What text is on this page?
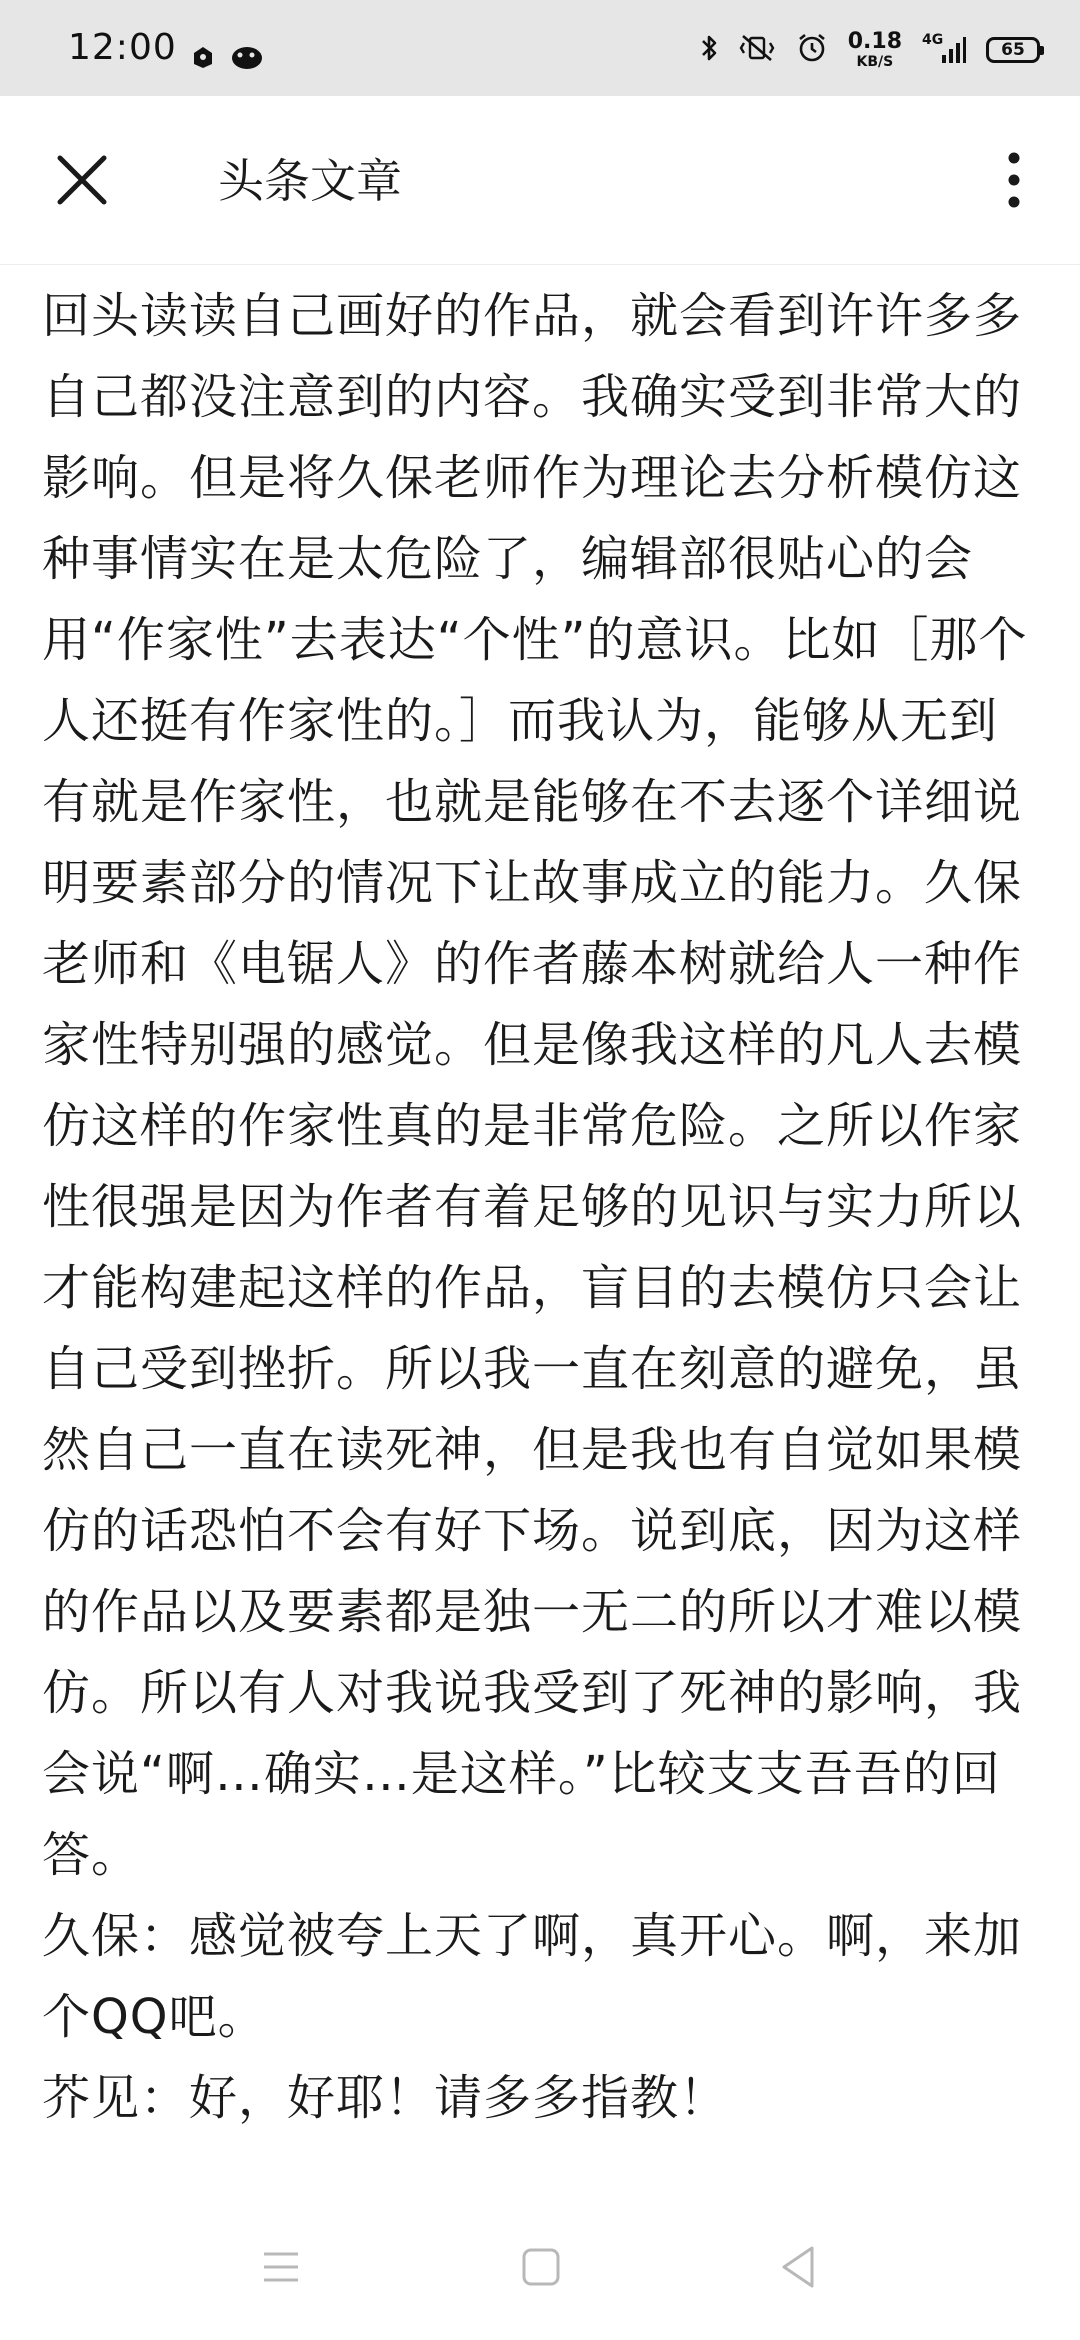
12:00	0.18
KB/S
4G	65
头条文章

回头读读自己画好的作品，就会看到许许多多自己都没注意到的内容。我确实受到非常大的影响。但是将久保老师作为理论去分析模仿这种事情实在是太危险了，编辑部很贴心的会用“作家性”去表达“个性”的意识。比如［那个人还挺有作家性的。］而我认为，能够从无到有就是作家性，也就是能够在不去逐个详细说明要素部分的情况下让故事成立的能力。久保老师和《电锯人》的作者藤本树就给人一种作家性特别强的感觉。但是像我这样的凡人去模仿这样的作家性真的是非常危险。之所以作家性很强是因为作者有着足够的见识与实力所以才能构建起这样的作品，盲目的去模仿只会让自己受到挫折。所以我一直在刻意的避免，虽然自己一直在读死神，但是我也有自觉如果模仿的话恐怕不会有好下场。说到底，因为这样的作品以及要素都是独一无二的所以才难以模仿。所以有人对我说我受到了死神的影响，我会说“啊…确实…是这样。”比较支支吾吾的回答。

久保：感觉被夸上天了啊，真开心。啊，来加个QQ吧。

芥见：好，好耶！请多多指教！
